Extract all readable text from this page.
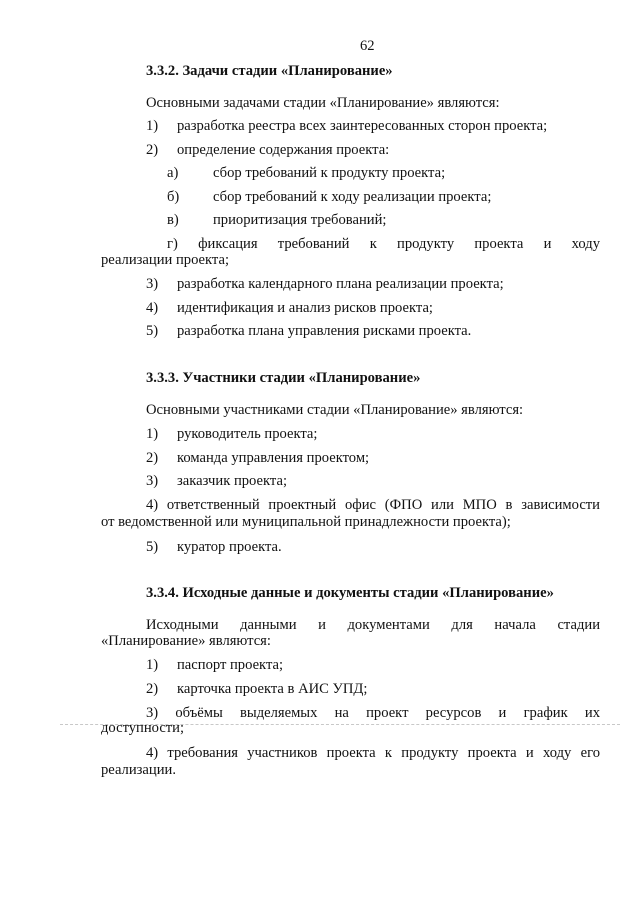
62
3.3.2. Задачи стадии «Планирование»
Основными задачами стадии «Планирование» являются:
1) разработка реестра всех заинтересованных сторон проекта;
2) определение содержания проекта:
а) сбор требований к продукту проекта;
б) сбор требований к ходу реализации проекта;
в) приоритизация требований;
г) фиксация требований к продукту проекта и ходу
реализации проекта;
3) разработка календарного плана реализации проекта;
4) идентификация и анализ рисков проекта;
5) разработка плана управления рисками проекта.
3.3.3. Участники стадии «Планирование»
Основными участниками стадии «Планирование» являются:
1) руководитель проекта;
2) команда управления проектом;
3) заказчик проекта;
4) ответственный проектный офис (ФПО или МПО в зависимости
от ведомственной или муниципальной принадлежности проекта);
5) куратор проекта.
3.3.4. Исходные данные и документы стадии «Планирование»
Исходными данными и документами для начала стадии
«Планирование» являются:
1) паспорт проекта;
2) карточка проекта в АИС УПД;
3) объёмы выделяемых на проект ресурсов и график их
доступности;
4) требования участников проекта к продукту проекта и ходу его
реализации.
